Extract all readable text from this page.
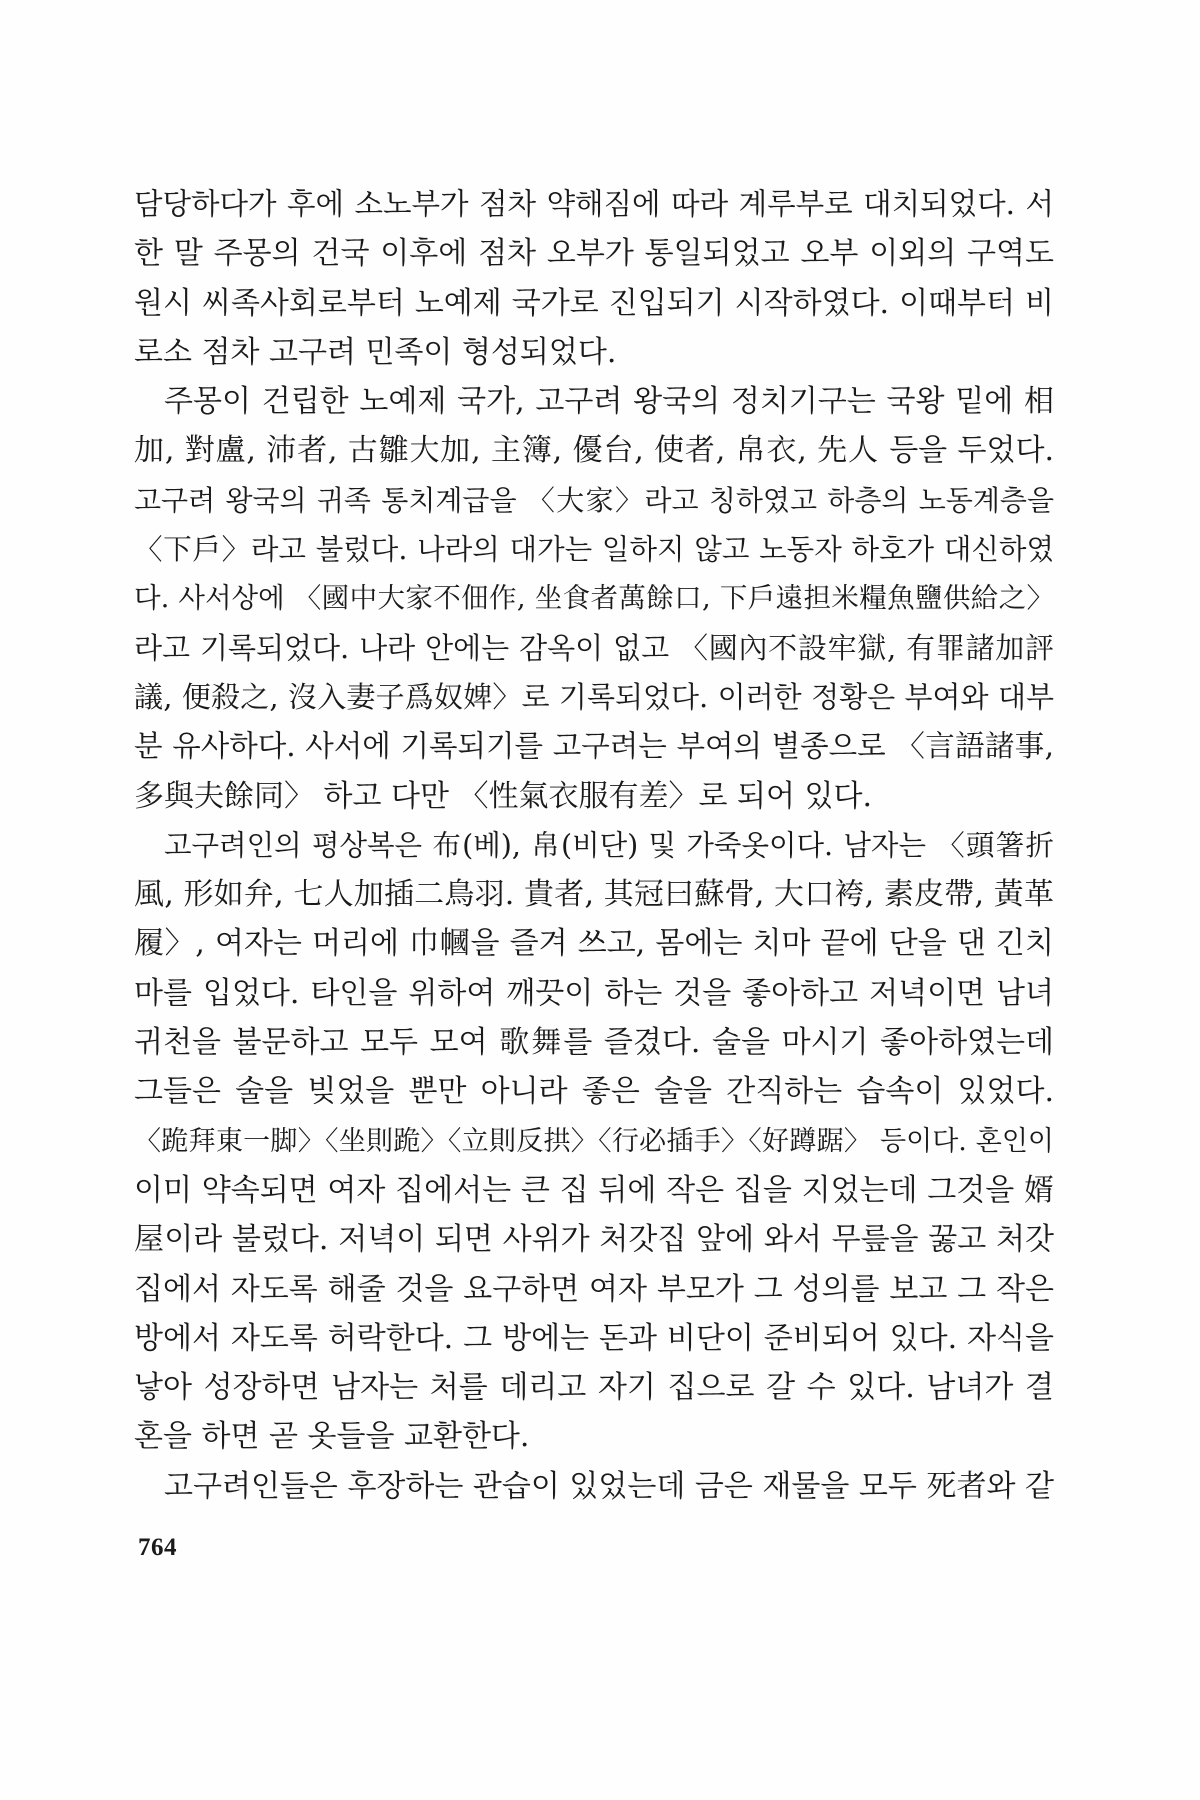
담당하다가 후에 소노부가 점차 약해짐에 따라 계루부로 대치되었다. 서
한 말 주몽의 건국 이후에 점차 오부가 통일되었고 오부 이외의 구역도
원시 씨족사회로부터 노예제 국가로 진입되기 시작하였다. 이때부터 비
로소 점차 고구려 민족이 형성되었다.
주몽이 건립한 노예제 국가, 고구려 왕국의 정치기구는 국왕 밑에 相
加, 對盧, 沛者, 古雛大加, 主簿, 優台, 使者, 帛衣, 先人 등을 두었다.
고구려 왕국의 귀족 통치계급을 〈大家〉라고 칭하였고 하층의 노동계층을
〈下戶〉라고 불렀다. 나라의 대가는 일하지 않고 노동자 하호가 대신하였
다. 사서상에 〈國中大家不佃作, 坐食者萬餘口, 下戶遠担米糧魚鹽供給之〉
라고 기록되었다. 나라 안에는 감옥이 없고 〈國內不設牢獄, 有罪諸加評
議, 便殺之, 沒入妻子爲奴婢〉로 기록되었다. 이러한 정황은 부여와 대부
분 유사하다. 사서에 기록되기를 고구려는 부여의 별종으로 〈言語諸事,
多與夫餘同〉 하고 다만 〈性氣衣服有差〉로 되어 있다.
고구려인의 평상복은 布(베), 帛(비단) 및 가죽옷이다. 남자는 〈頭箸折
風, 形如弁, 七人加插二鳥羽. 貴者, 其冠曰蘇骨, 大口袴, 素皮帶, 黃革
履〉, 여자는 머리에 巾幗을 즐겨 쓰고, 몸에는 치마 끝에 단을 댄 긴치
마를 입었다. 타인을 위하여 깨끗이 하는 것을 좋아하고 저녁이면 남녀
귀천을 불문하고 모두 모여 歌舞를 즐겼다. 술을 마시기 좋아하였는데
그들은 술을 빚었을 뿐만 아니라 좋은 술을 간직하는 습속이 있었다.
〈跪拜東一脚〉〈坐則跪〉〈立則反拱〉〈行必插手〉〈好蹲踞〉 등이다. 혼인이
이미 약속되면 여자 집에서는 큰 집 뒤에 작은 집을 지었는데 그것을 婿
屋이라 불렀다. 저녁이 되면 사위가 처갓집 앞에 와서 무릎을 꿇고 처갓
집에서 자도록 해줄 것을 요구하면 여자 부모가 그 성의를 보고 그 작은
방에서 자도록 허락한다. 그 방에는 돈과 비단이 준비되어 있다. 자식을
낳아 성장하면 남자는 처를 데리고 자기 집으로 갈 수 있다. 남녀가 결
혼을 하면 곧 옷들을 교환한다.
고구려인들은 후장하는 관습이 있었는데 금은 재물을 모두 死者와 같
764
